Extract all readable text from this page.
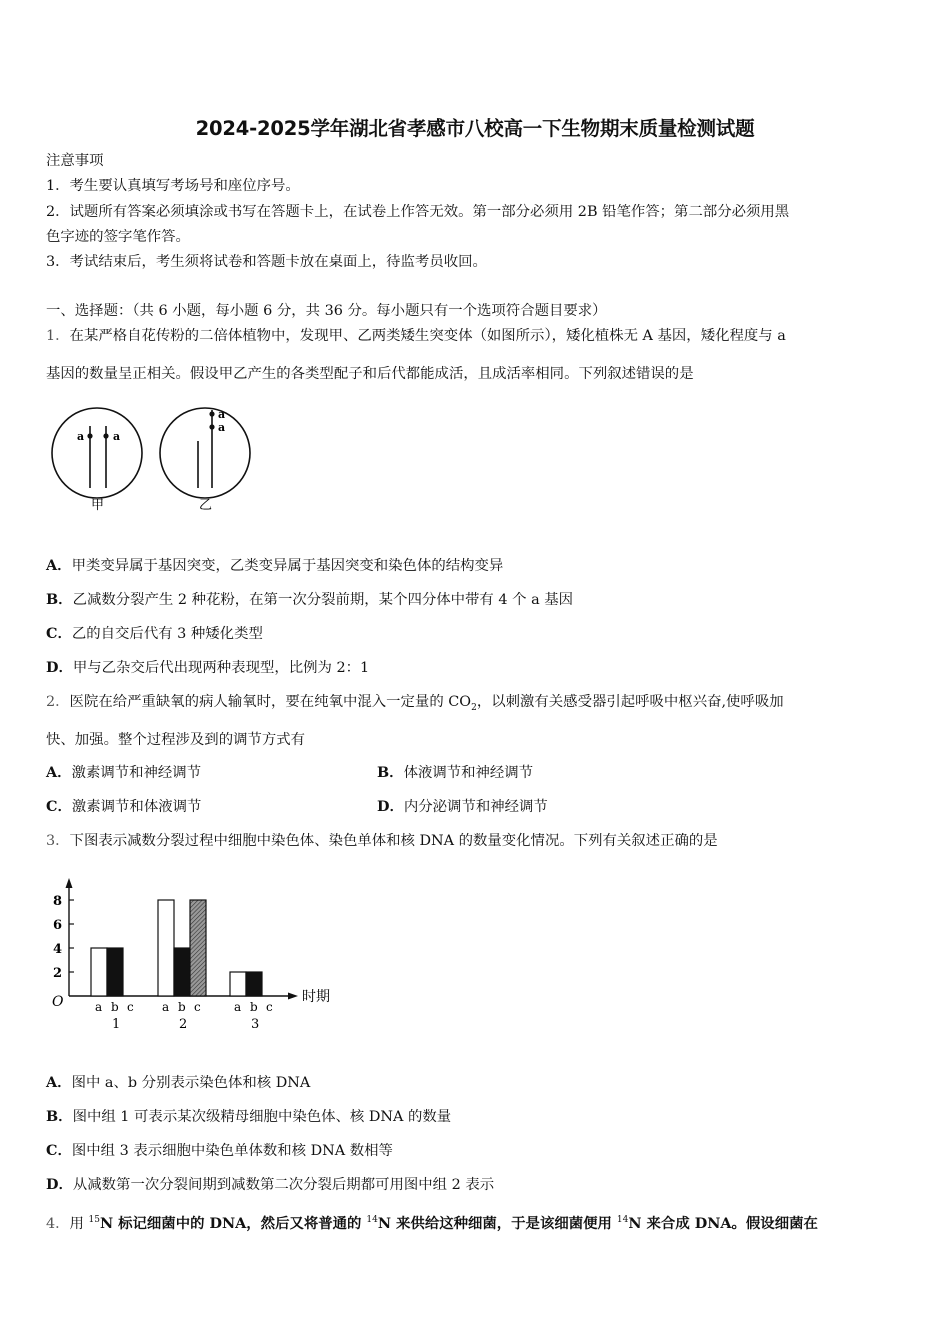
2024-2025学年湖北省孝感市八校高一下生物期末质量检测试题
注意事项
1．考生要认真填写考场号和座位序号。
2．试题所有答案必须填涂或书写在答题卡上，在试卷上作答无效。第一部分必须用 2B 铅笔作答；第二部分必须用黑
色字迹的签字笔作答。
3．考试结束后，考生须将试卷和答题卡放在桌面上，待监考员收回。
一、选择题：（共 6 小题，每小题 6 分，共 36 分。每小题只有一个选项符合题目要求）
1．在某严格自花传粉的二倍体植物中，发现甲、乙两类矮生突变体（如图所示），矮化植株无 A 基因，矮化程度与 a
基因的数量呈正相关。假设甲乙产生的各类型配子和后代都能成活，且成活率相同。下列叙述错误的是
a	a
甲
a
a
乙
A．甲类变异属于基因突变，乙类变异属于基因突变和染色体的结构变异
B．乙减数分裂产生 2 种花粉，在第一次分裂前期，某个四分体中带有 4 个 a 基因
C．乙的自交后代有 3 种矮化类型
D．甲与乙杂交后代出现两种表现型，比例为 2：1
2．医院在给严重缺氧的病人输氧时，要在纯氧中混入一定量的 $CO_2$，以刺激有关感受器引起呼吸中枢兴奋,使呼吸加
快、加强。整个过程涉及到的调节方式有
A．激素调节和神经调节	B．体液调节和神经调节
C．激素调节和体液调节	D．内分泌调节和神经调节
3．下图表示减数分裂过程中细胞中染色体、染色单体和核 DNA 的数量变化情况。下列有关叙述正确的是
2
4
6
8
a b c
1
a b c
2
a b c
3
O	时期
A．图中 a、b 分别表示染色体和核 DNA
B．图中组 1 可表示某次级精母细胞中染色体、核 DNA 的数量
C．图中组 3 表示细胞中染色单体数和核 DNA 数相等
D．从减数第一次分裂间期到减数第二次分裂后期都可用图中组 2 表示
4．用 $^{15}$N 标记细菌中的 DNA，然后又将普通的 $^{14}$N 来供给这种细菌，于是该细菌便用 $^{14}$N 来合成 DNA。假设细菌在
